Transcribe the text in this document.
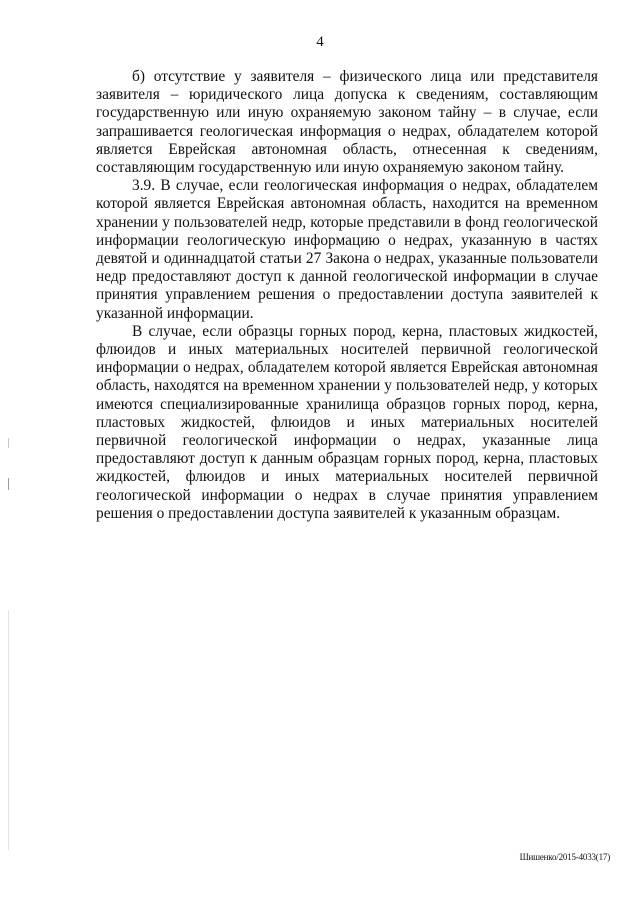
4

б) отсутствие у заявителя – физического лица или представителя заявителя – юридического лица допуска к сведениям, составляющим государственную или иную охраняемую законом тайну – в случае, если запрашивается геологическая информация о недрах, обладателем которой является Еврейская автономная область, отнесенная к сведениям, составляющим государственную или иную охраняемую законом тайну.

3.9. В случае, если геологическая информация о недрах, обладателем которой является Еврейская автономная область, находится на временном хранении у пользователей недр, которые представили в фонд геологической информации геологическую информацию о недрах, указанную в частях девятой и одиннадцатой статьи 27 Закона о недрах, указанные пользователи недр предоставляют доступ к данной геологической информации в случае принятия управлением решения о предоставлении доступа заявителей к указанной информации.

В случае, если образцы горных пород, керна, пластовых жидкостей, флюидов и иных материальных носителей первичной геологической информации о недрах, обладателем которой является Еврейская автономная область, находятся на временном хранении у пользователей недр, у которых имеются специализированные хранилища образцов горных пород, керна, пластовых жидкостей, флюидов и иных материальных носителей первичной геологической информации о недрах, указанные лица предоставляют доступ к данным образцам горных пород, керна, пластовых жидкостей, флюидов и иных материальных носителей первичной геологической информации о недрах в случае принятия управлением решения о предоставлении доступа заявителей к указанным образцам.

Шишенко/2015-4033(17)
